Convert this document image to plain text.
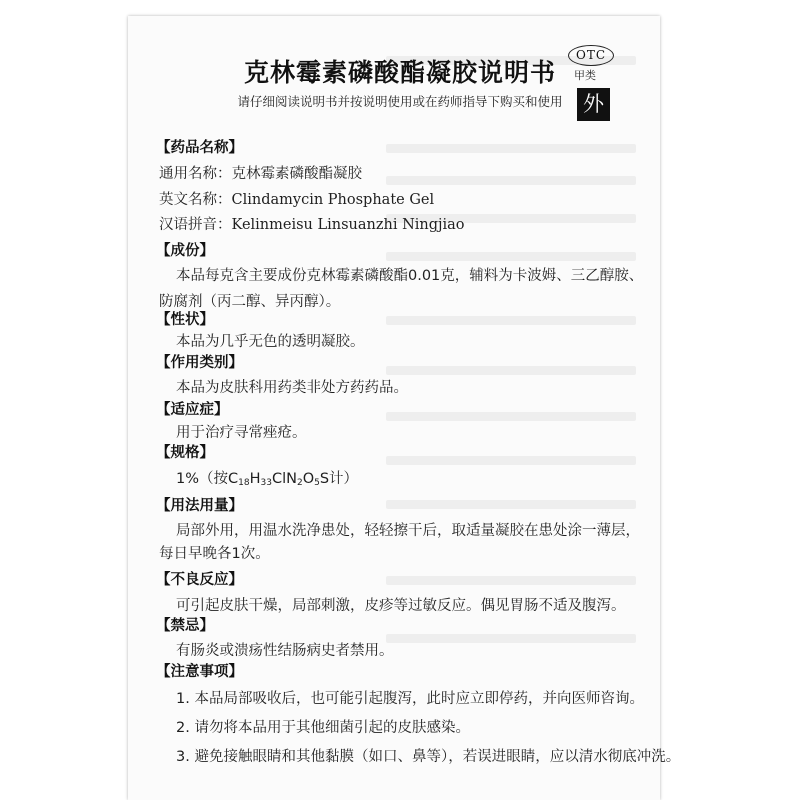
克林霉素磷酸酯凝胶说明书
请仔细阅读说明书并按说明使用或在药师指导下购买和使用
OTC
甲类
外
【药品名称】
通用名称：克林霉素磷酸酯凝胶
英文名称：Clindamycin Phosphate Gel
汉语拼音：Kelinmeisu Linsuanzhi Ningjiao
【成份】
本品每克含主要成份克林霉素磷酸酯0.01克，辅料为卡波姆、三乙醇胺、
防腐剂（丙二醇、异丙醇）。
【性状】
本品为几乎无色的透明凝胶。
【作用类别】
本品为皮肤科用药类非处方药药品。
【适应症】
用于治疗寻常痤疮。
【规格】
1%（按$C_{18}H_{33}ClN_2O_5S$计）
【用法用量】
局部外用，用温水洗净患处，轻轻擦干后，取适量凝胶在患处涂一薄层，
每日早晚各1次。
【不良反应】
可引起皮肤干燥，局部刺激，皮疹等过敏反应。偶见胃肠不适及腹泻。
【禁忌】
有肠炎或溃疡性结肠病史者禁用。
【注意事项】
1. 本品局部吸收后，也可能引起腹泻，此时应立即停药，并向医师咨询。
2. 请勿将本品用于其他细菌引起的皮肤感染。
3. 避免接触眼睛和其他黏膜（如口、鼻等），若误进眼睛，应以清水彻底冲洗。
